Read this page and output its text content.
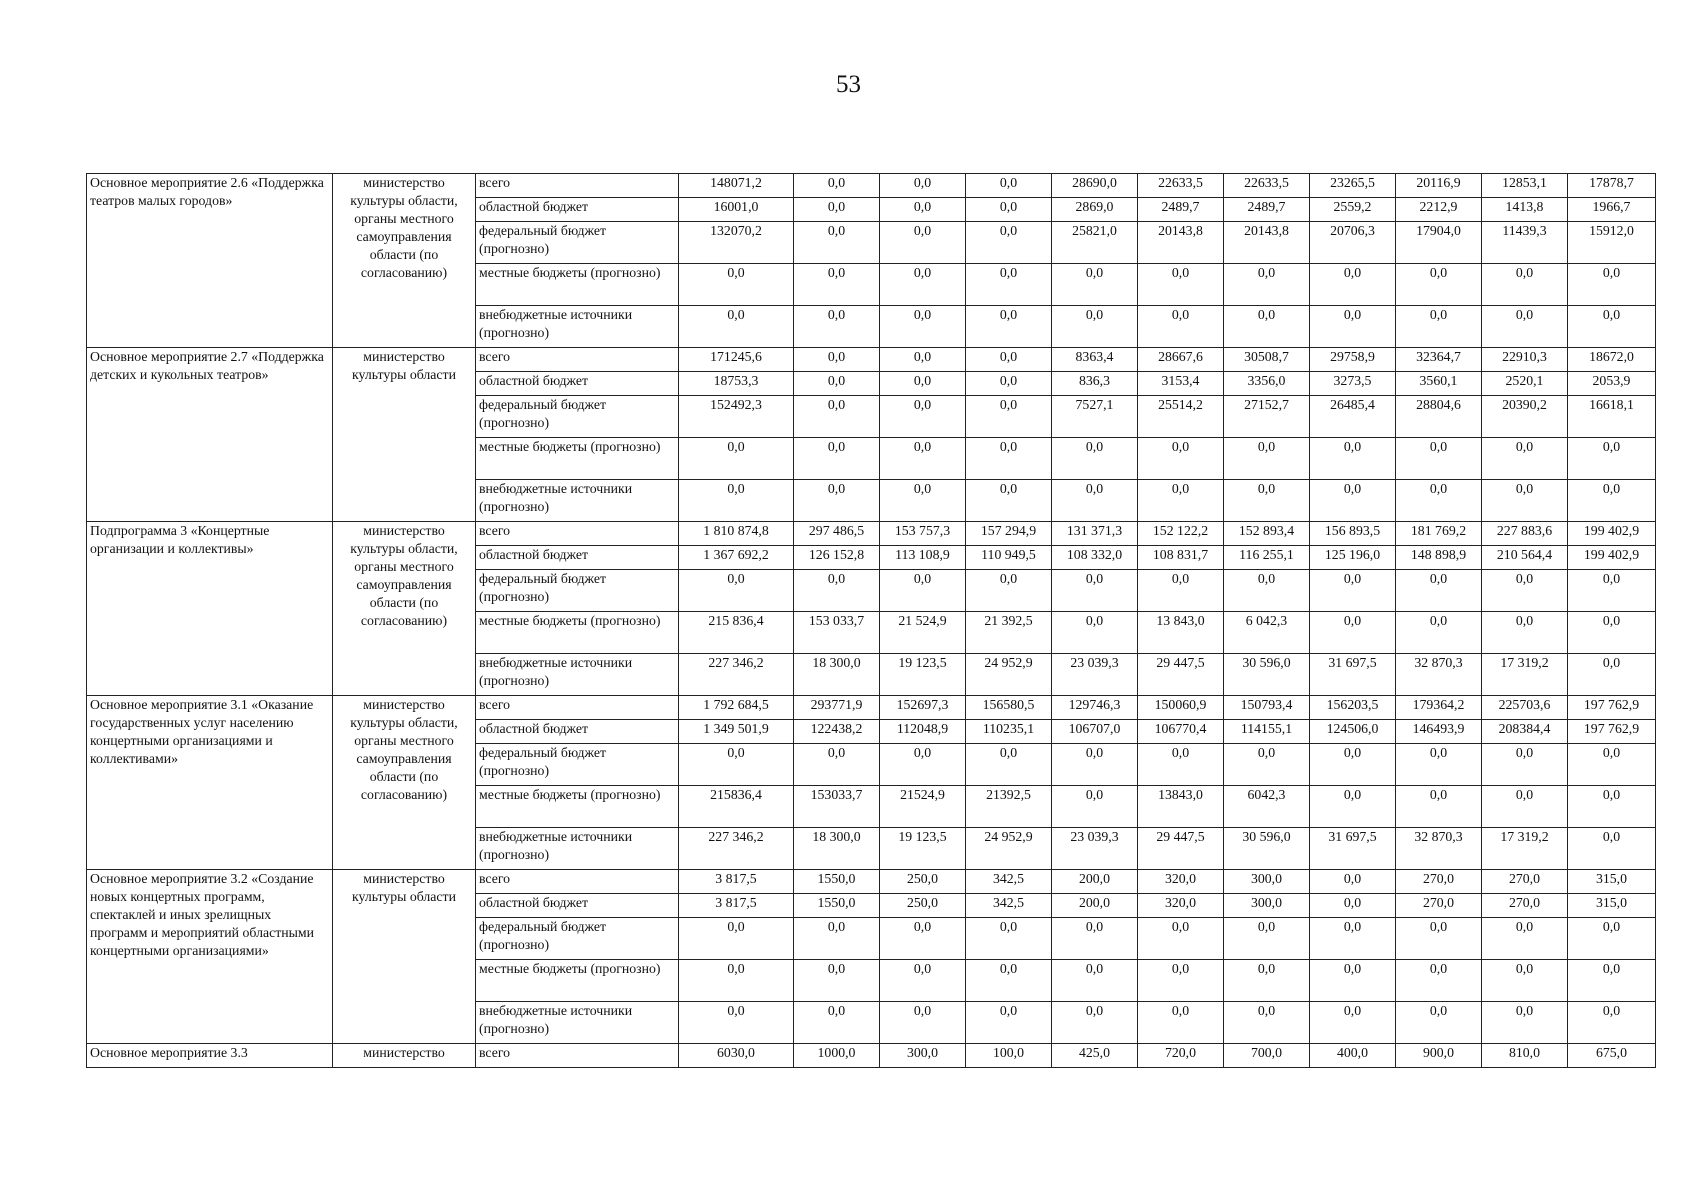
53
Основное мероприятие 2.6 «Поддержка театров малых городов»	министерство культуры области, органы местного самоуправления области (по согласованию)	всего	148071,2	0,0	0,0	0,0	28690,0	22633,5	22633,5	23265,5	20116,9	12853,1	17878,7
		областной бюджет	16001,0	0,0	0,0	0,0	2869,0	2489,7	2489,7	2559,2	2212,9	1413,8	1966,7
		федеральный бюджет (прогнозно)	132070,2	0,0	0,0	0,0	25821,0	20143,8	20143,8	20706,3	17904,0	11439,3	15912,0
		местные бюджеты (прогнозно)	0,0	0,0	0,0	0,0	0,0	0,0	0,0	0,0	0,0	0,0	0,0
		внебюджетные источники (прогнозно)	0,0	0,0	0,0	0,0	0,0	0,0	0,0	0,0	0,0	0,0	0,0
Основное мероприятие 2.7 «Поддержка детских и кукольных театров»	министерство культуры области	всего	171245,6	0,0	0,0	0,0	8363,4	28667,6	30508,7	29758,9	32364,7	22910,3	18672,0
		областной бюджет	18753,3	0,0	0,0	0,0	836,3	3153,4	3356,0	3273,5	3560,1	2520,1	2053,9
		федеральный бюджет (прогнозно)	152492,3	0,0	0,0	0,0	7527,1	25514,2	27152,7	26485,4	28804,6	20390,2	16618,1
		местные бюджеты (прогнозно)	0,0	0,0	0,0	0,0	0,0	0,0	0,0	0,0	0,0	0,0	0,0
		внебюджетные источники (прогнозно)	0,0	0,0	0,0	0,0	0,0	0,0	0,0	0,0	0,0	0,0	0,0
Подпрограмма 3 «Концертные организации и коллективы»	министерство культуры области, органы местного самоуправления области (по согласованию)	всего	1 810 874,8	297 486,5	153 757,3	157 294,9	131 371,3	152 122,2	152 893,4	156 893,5	181 769,2	227 883,6	199 402,9
		областной бюджет	1 367 692,2	126 152,8	113 108,9	110 949,5	108 332,0	108 831,7	116 255,1	125 196,0	148 898,9	210 564,4	199 402,9
		федеральный бюджет (прогнозно)	0,0	0,0	0,0	0,0	0,0	0,0	0,0	0,0	0,0	0,0	0,0
		местные бюджеты (прогнозно)	215 836,4	153 033,7	21 524,9	21 392,5	0,0	13 843,0	6 042,3	0,0	0,0	0,0	0,0
		внебюджетные источники (прогнозно)	227 346,2	18 300,0	19 123,5	24 952,9	23 039,3	29 447,5	30 596,0	31 697,5	32 870,3	17 319,2	0,0
Основное мероприятие 3.1 «Оказание государственных услуг населению концертными организациями и коллективами»	министерство культуры области, органы местного самоуправления области (по согласованию)	всего	1 792 684,5	293771,9	152697,3	156580,5	129746,3	150060,9	150793,4	156203,5	179364,2	225703,6	197 762,9
		областной бюджет	1 349 501,9	122438,2	112048,9	110235,1	106707,0	106770,4	114155,1	124506,0	146493,9	208384,4	197 762,9
		федеральный бюджет (прогнозно)	0,0	0,0	0,0	0,0	0,0	0,0	0,0	0,0	0,0	0,0	0,0
		местные бюджеты (прогнозно)	215836,4	153033,7	21524,9	21392,5	0,0	13843,0	6042,3	0,0	0,0	0,0	0,0
		внебюджетные источники (прогнозно)	227 346,2	18 300,0	19 123,5	24 952,9	23 039,3	29 447,5	30 596,0	31 697,5	32 870,3	17 319,2	0,0
Основное мероприятие 3.2 «Создание новых концертных программ, спектаклей и иных зрелищных программ и мероприятий областными концертными организациями»	министерство культуры области	всего	3 817,5	1550,0	250,0	342,5	200,0	320,0	300,0	0,0	270,0	270,0	315,0
		областной бюджет	3 817,5	1550,0	250,0	342,5	200,0	320,0	300,0	0,0	270,0	270,0	315,0
		федеральный бюджет (прогнозно)	0,0	0,0	0,0	0,0	0,0	0,0	0,0	0,0	0,0	0,0	0,0
		местные бюджеты (прогнозно)	0,0	0,0	0,0	0,0	0,0	0,0	0,0	0,0	0,0	0,0	0,0
		внебюджетные источники (прогнозно)	0,0	0,0	0,0	0,0	0,0	0,0	0,0	0,0	0,0	0,0	0,0
Основное мероприятие 3.3	министерство	всего	6030,0	1000,0	300,0	100,0	425,0	720,0	700,0	400,0	900,0	810,0	675,0
